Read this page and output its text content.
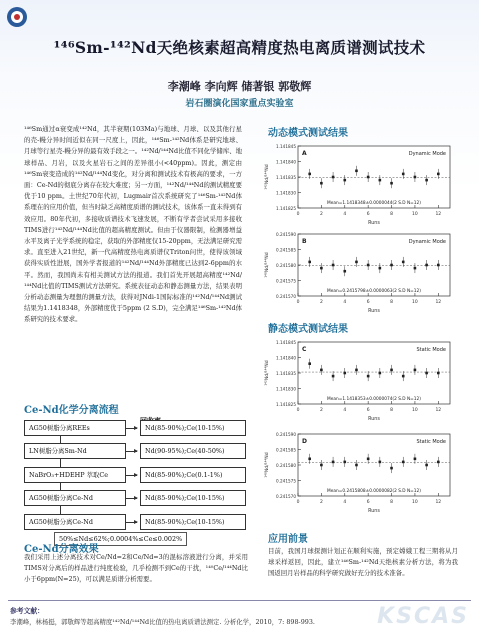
¹⁴⁶Sm-¹⁴²Nd天绝核素超高精度热电离质谱测试技术
李潮峰 李向辉 储著银 郭敬辉
岩石圈演化国家重点实验室

¹⁴⁶Sm通过α衰变成¹⁴²Nd，其半衰期(103Ma)与地球、月球、以及其他行星的壳-幔分异时间近似在同一尺度上，因此，¹⁴⁶Sm-¹⁴²Nd体系是研究地球、月球等行星壳-幔分异的最有效手段之一。¹⁴²Nd/¹⁴⁴Nd比值不同化学储库、地球样品、月岩，以及火星岩石之间的差异很小(<40ppm)。因此，测定由¹⁴⁶Sm衰变造成的¹⁴²Nd/¹⁴⁴Nd变化，对分离和测试技术有极高的要求，一方面：Ce-Nd的彻底分离存在较大难度；另一方面，¹⁴²Nd/¹⁴⁴Nd的测试精度要优于10 ppm。土世纪70年代初，Lugmair首次系统研究了¹⁴⁶Sm-¹⁴²Nd体系理在的应用价值，但当时缺乏高精度质谱的测试技术，该体系一直未得到有效应用。80年代初，多接收质谱技术飞速发展，不断有学者尝试采用多接收TIMS进行¹⁴²Nd/¹⁴⁴Nd比值的超高精度测试。但由于仪器限制，检测器增益水平及离子光学系统的稳定，获取的外部精度仅15-20ppm，无法满足研究需求。直至进入21世纪，新一代高精度热电离质谱仪Triton问世，使得该领域获得实质性进展，国外学者报道的¹⁴²Nd/¹⁴⁴Nd外部精度已达到2-6ppm的水平。然而，我国尚未有相关测试方法的报道。我们首先开展超高精度¹⁴²Nd/¹⁴⁴Nd比值的TIMS测试方法研究。系统表征动态和静态测量方法，结果表明分析动态测量为理想的测量方法，获得对JNdi-1国际标准的¹⁴²Nd/¹⁴⁴Nd测试结果为1.1418348，外部精度优于5ppm (2 S.D)，完全满足¹⁴⁶Sm-¹⁴²Nd体系研究的技术要求。

Ce-Nd化学分离流程
AG50树脂分离REEs	Nd(85-90%);Ce(10-15%)
LN树脂分离Sm-Nd	Nd(90-95%);Ce(40-50%)
NaBrO₃+HDEHP 萃取Ce	Nd(85-90%);Ce(0.1-1%)
AG50树脂分离Ce-Nd	Nd(85-90%);Ce(10-15%)
AG50树脂分离Ce-Nd	Nd(85-90%);Ce(10-15%)
50%≤Nd≤62%;0.0004%≤Ce≤0.002%
Ce-Nd分离效果
我们采用上述分离技术对Ce/Nd=2和Ce/Nd=3的混标溶液进行分离，并采用TIMS对分离后的样品进行纯度检验，几乎检测不到Ce的干扰，¹⁴⁰Ce/¹⁴⁴Nd比小于6ppm(N=25)，可以满足质谱分析需要。
动态模式测试结果
静态模式测试结果
1.141825
1.141830
1.141835
1.141840
1.141845
0	2	4	6	8	10	12
Runs
¹⁴²Nd/¹⁴⁴Nd
A	Dynamic Mode
Mean=1.1418348±0.0000044(2 S.D N=12)
0.241570
0.241575
0.241580
0.241585
0.241590
0	2	4	6	8	10	12
Runs
¹⁴⁸Nd/¹⁴⁴Nd
B	Dynamic Mode
Mean=0.2415798±0.0000063(2 S.D N=12)
1.141825
1.141830
1.141835
1.141840
1.141845
0	2	4	6	8	10	12
Runs
¹⁴²Nd/¹⁴⁴Nd
C	Static Mode
Mean=1.1418353±0.0000074(2 S.D N=12)
0.241570
0.241575
0.241580
0.241585
0.241590
0	2	4	6	8	10	12
Runs
¹⁴⁸Nd/¹⁴⁴Nd
D	Static Mode
Mean=0.2415808±0.0000082(2 S.D N=12)
应用前景
目前，我国月球探测计划正在顺利实施，预定嫦娥工程三期将从月球采样返回，因此，建立¹⁴⁶Sm-¹⁴²Nd天绝核素分析方法，将为我国返回月岩样品的科学研究做好充分的技术准备。
参考文献：
李潮峰，林杨挺，郭敬辉等超高精度¹⁴²Nd/¹⁴⁴Nd比值的热电离质谱法测定. 分析化学，2010，7: 898-993.	KSCAS
